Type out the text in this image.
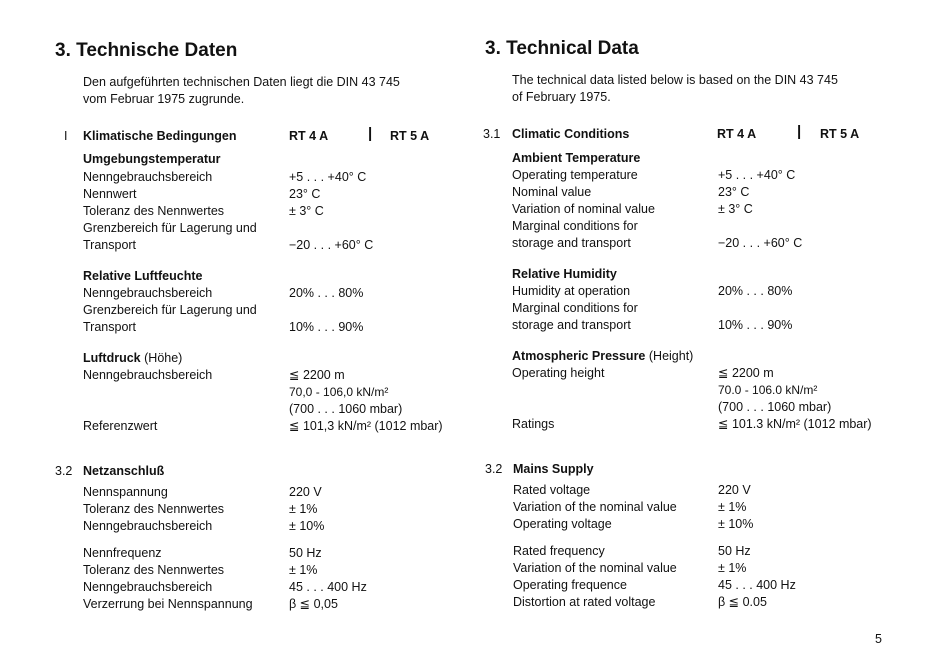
3. Technische Daten
Den aufgeführten technischen Daten liegt die DIN 43 745
vom Februar 1975 zugrunde.
I Klimatische Bedingungen	RT 4 A	| RT 5 A
Umgebungstemperatur
Nenngebrauchsbereich	+5 . . . +40° C
Nennwert	23° C
Toleranz des Nennwertes	± 3° C
Grenzbereich für Lagerung und
Transport	−20 . . . +60° C
Relative Luftfeuchte
Nenngebrauchsbereich	20% . . . 80%
Grenzbereich für Lagerung und
Transport	10% . . . 90%
Luftdruck (Höhe)
Nenngebrauchsbereich	≦ 2200 m
70,0 - 106,0 kN/m²
(700 . . . 1060 mbar)
Referenzwert	≦ 101,3 kN/m² (1012 mbar)
3.2 Netzanschluß
Nennspannung	220 V
Toleranz des Nennwertes	± 1%
Nenngebrauchsbereich	± 10%
Nennfrequenz	50 Hz
Toleranz des Nennwertes	± 1%
Nenngebrauchsbereich	45 . . . 400 Hz
Verzerrung bei Nennspannung	β ≦ 0,05
3. Technical Data
The technical data listed below is based on the DIN 43 745
of February 1975.
3.1 Climatic Conditions	RT 4 A	| RT 5 A
Ambient Temperature
Operating temperature	+5 . . . +40° C
Nominal value	23° C
Variation of nominal value	± 3° C
Marginal conditions for
storage and transport	−20 . . . +60° C
Relative Humidity
Humidity at operation	20% . . . 80%
Marginal conditions for
storage and transport	10% . . . 90%
Atmospheric Pressure (Height)
Operating height	≦ 2200 m
70.0 - 106.0 kN/m²
(700 . . . 1060 mbar)
Ratings	≦ 101.3 kN/m² (1012 mbar)
3.2 Mains Supply
Rated voltage	220 V
Variation of the nominal value	± 1%
Operating voltage	± 10%
Rated frequency	50 Hz
Variation of the nominal value	± 1%
Operating frequence	45 . . . 400 Hz
Distortion at rated voltage	β ≦ 0.05
5
